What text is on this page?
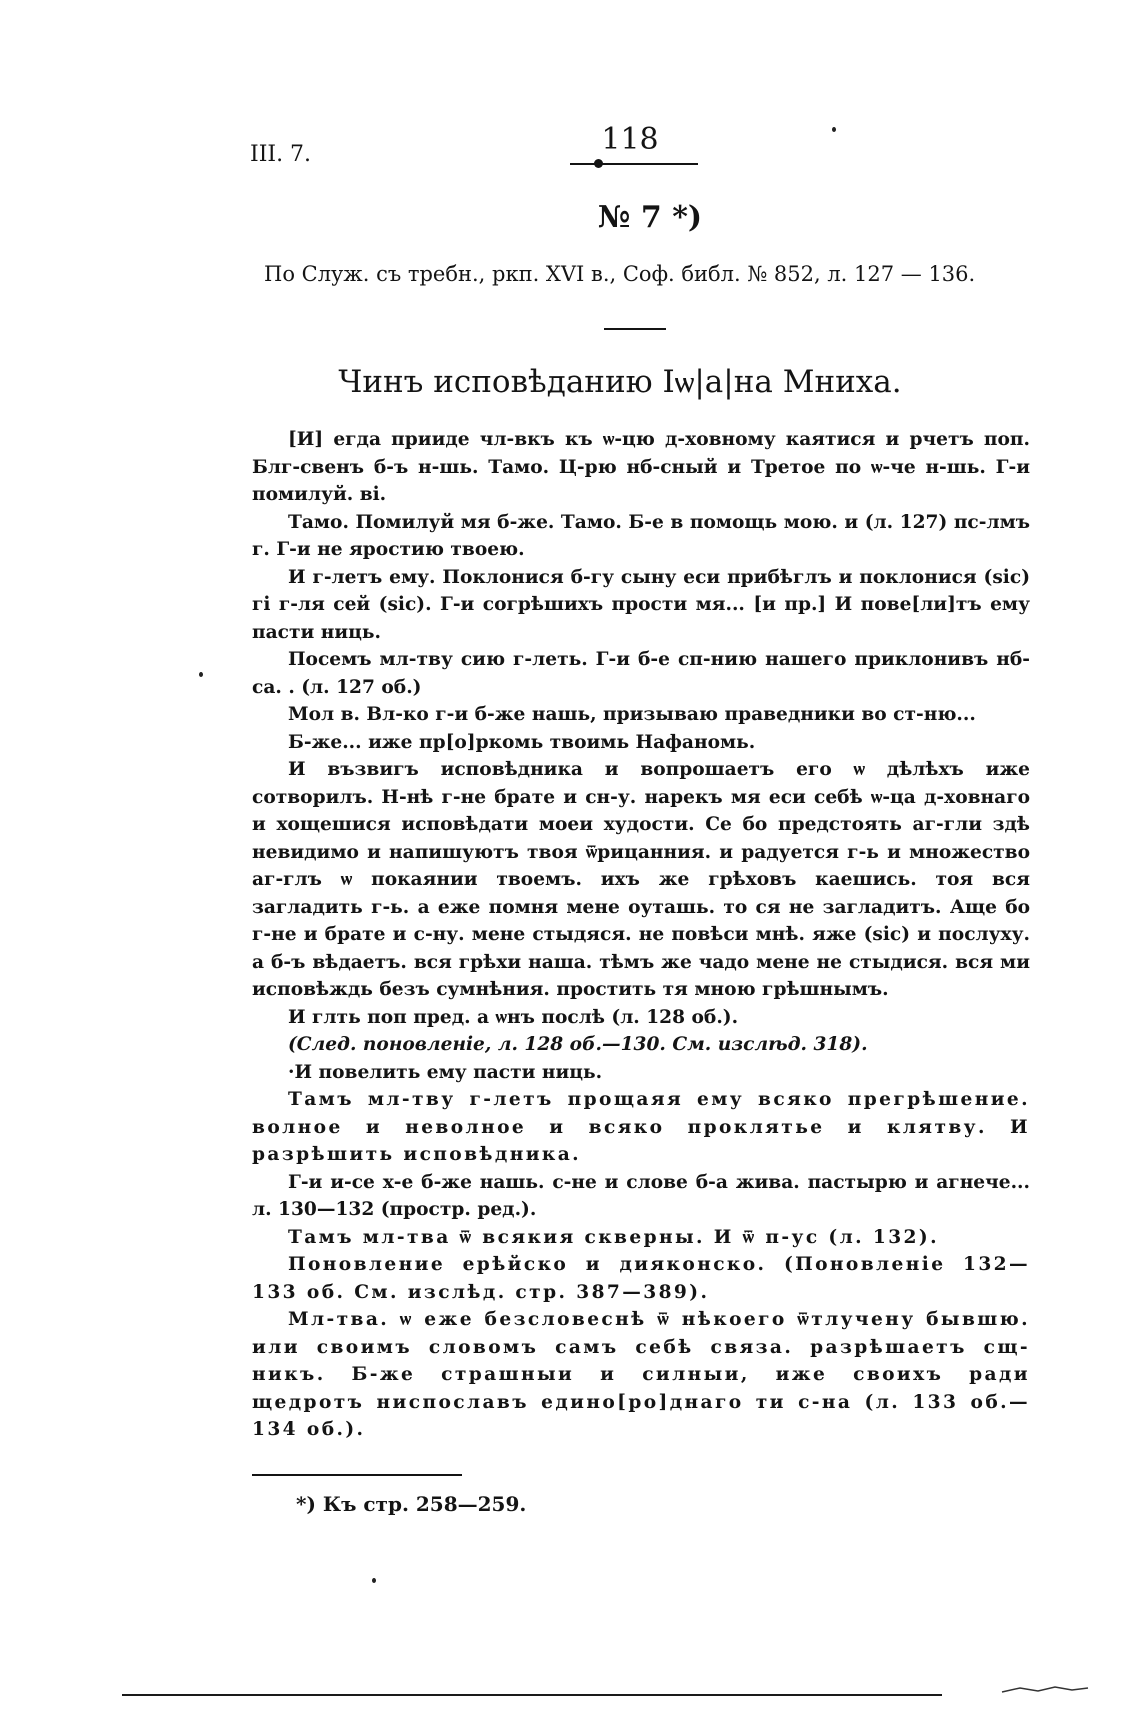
III. 7.	118
№ 7 *)
По Служ. съ требн., ркп. XVI в., Соф. библ. № 852, л. 127 — 136.
Чинъ исповѣданию Iѡ|а|на Мниха.

[И] егда прииде чл-вкъ къ ѡ-цю д-ховному каятися и рчетъ поп. Блг-свенъ б-ъ н-шь. Тамо. Ц-рю нб-сный и Третое по ѡ-че н-шь. Г-и помилуй. ві.

Тамо. Помилуй мя б-же. Тамо. Б-е в помощь мою. и (л. 127) пс-лмъ г. Г-и не яростию твоею.

И г-летъ ему. Поклонися б-гу сыну еси прибѣглъ и поклонися (sic) гі г-ля сей (sic). Г-и согрѣшихъ прости мя... [и пр.] И пове[ли]тъ ему пасти ниць.

Посемъ мл-тву сию г-леть. Г-и б-е сп-нию нашего приклонивъ нб-са. . (л. 127 об.)

Мол в. Вл-ко г-и б-же нашь, призываю праведники во ст-ню...

Б-же... иже пр[о]ркомь твоимь Нафаномь.

И възвигъ исповѣдника и вопрошаетъ его ѡ дѣлѣхъ иже сотворилъ. Н-нѣ г-не брате и сн-у. нарекъ мя еси себѣ ѡ-ца д-ховнаго и хощешися исповѣдати моеи худости. Се бо предстоять аг-гли здѣ невидимо и напишуютъ твоя ѿрицанния. и радуется г-ь и множество аг-глъ ѡ покаянии твоемъ. ихъ же грѣховъ каешись. тоя вся загладить г-ь. а еже помня мене оуташь. то ся не загладитъ. Аще бо г-не и брате и с-ну. мене стыдяся. не повѣси мнѣ. яже (sic) и послуху. а б-ъ вѣдаетъ. вся грѣхи наша. тѣмъ же чадо мене не стыдися. вся ми исповѣждь безъ сумнѣния. простить тя мною грѣшнымъ.

И глть поп пред. а ѡнъ послѣ (л. 128 об.).

(След. поновленіе, л. 128 об.—130. См. изслѣд. 318).

·И повелить ему пасти ниць.

Тамъ мл-тву г-летъ прощаяя ему всяко прегрѣшение. волное и неволное и всяко проклятье и клятву. И разрѣшить исповѣдника.

Г-и и-се х-е б-же нашь. с-не и слове б-а жива. пастырю и агнече... л. 130—132 (простр. ред.).

Тамъ мл-тва ѿ всякия скверны. И ѿ п-ус (л. 132).

Поновление ерѣйско и дияконско. (Поновленіе 132—133 об. См. изслѣд. стр. 387—389).

Мл-тва. ѡ еже безсловеснѣ ѿ нѣкоего ѿтлучену бывшю. или своимъ словомъ самъ себѣ связа. разрѣшаетъ сщ-никъ. Б-же страшныи и силныи, иже своихъ ради щедротъ ниспославъ едино[ро]днаго ти с-на (л. 133 об.—134 об.).

*) Къ стр. 258—259.
